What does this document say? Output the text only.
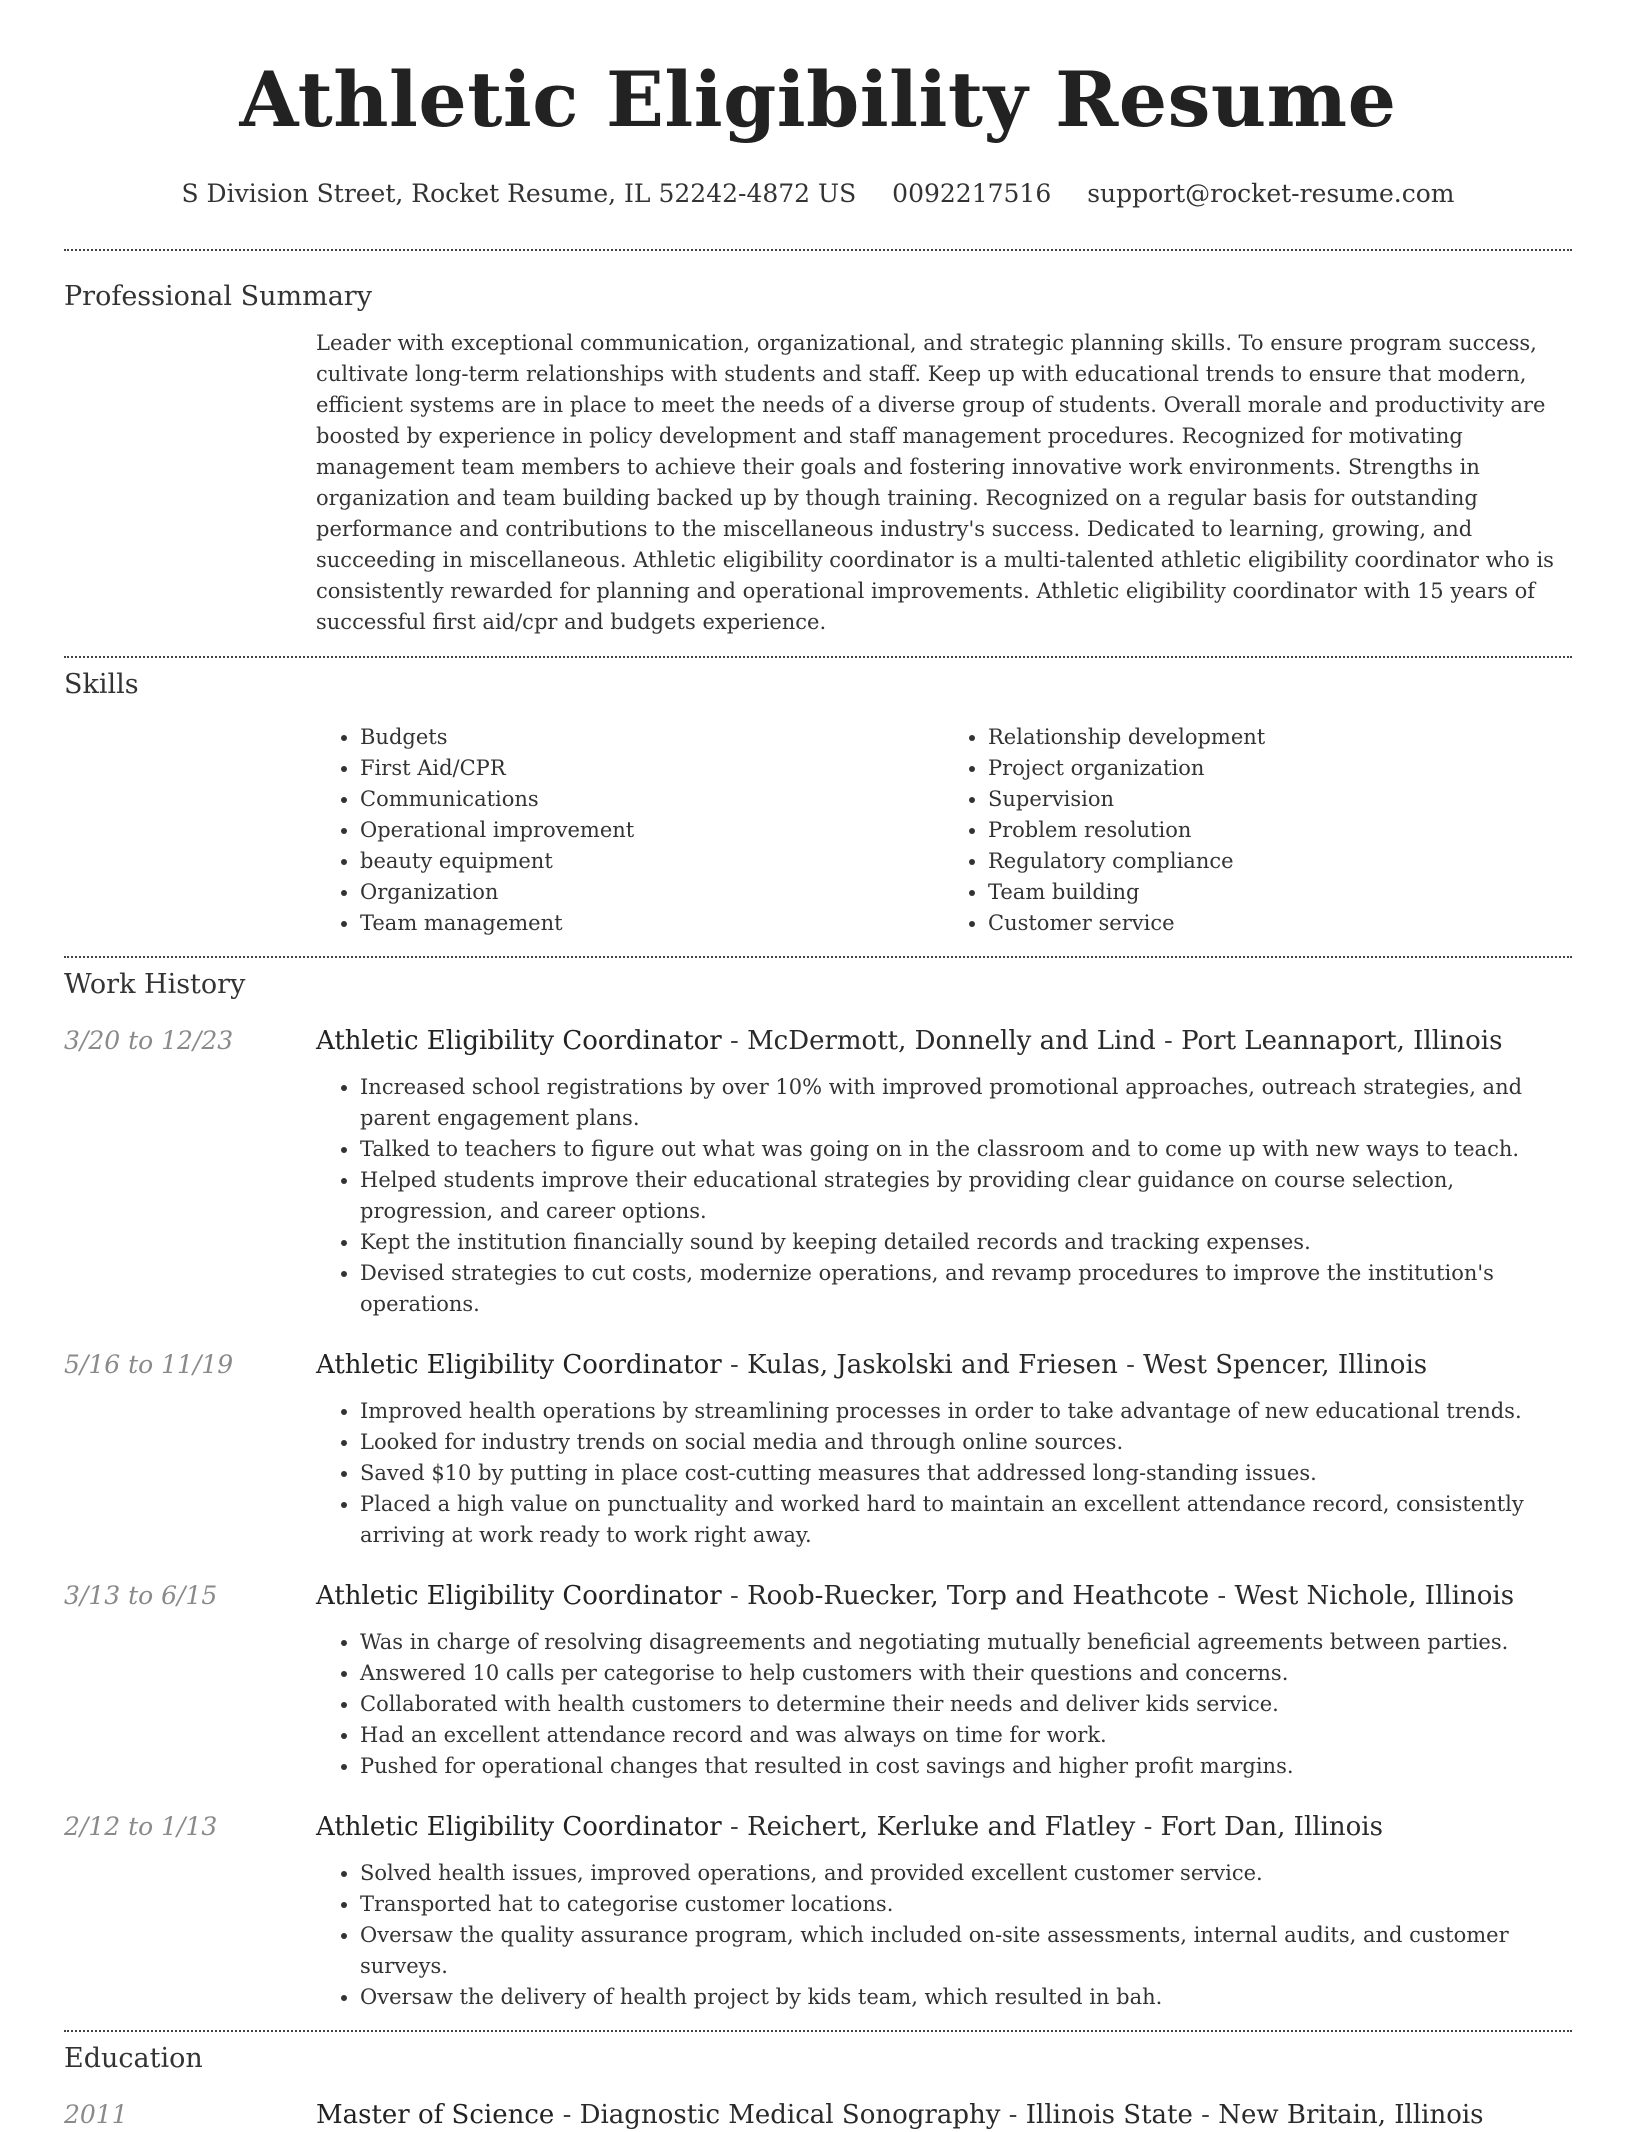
Athletic Eligibility Resume
S Division Street, Rocket Resume, IL 52242-4872 US 0092217516 support@rocket-resume.com
Professional Summary
Leader with exceptional communication, organizational, and strategic planning skills. To ensure program success, cultivate long-term relationships with students and staff. Keep up with educational trends to ensure that modern, efficient systems are in place to meet the needs of a diverse group of students. Overall morale and productivity are boosted by experience in policy development and staff management procedures. Recognized for motivating management team members to achieve their goals and fostering innovative work environments. Strengths in organization and team building backed up by though training. Recognized on a regular basis for outstanding performance and contributions to the miscellaneous industry's success. Dedicated to learning, growing, and succeeding in miscellaneous. Athletic eligibility coordinator is a multi-talented athletic eligibility coordinator who is consistently rewarded for planning and operational improvements. Athletic eligibility coordinator with 15 years of successful first aid/cpr and budgets experience.
Skills
• Budgets
• First Aid/CPR
• Communications
• Operational improvement
• beauty equipment
• Organization
• Team management
• Relationship development
• Project organization
• Supervision
• Problem resolution
• Regulatory compliance
• Team building
• Customer service
Work History
3/20 to 12/23	Athletic Eligibility Coordinator - McDermott, Donnelly and Lind - Port Leannaport, Illinois
• Increased school registrations by over 10% with improved promotional approaches, outreach strategies, and parent engagement plans.
• Talked to teachers to figure out what was going on in the classroom and to come up with new ways to teach.
• Helped students improve their educational strategies by providing clear guidance on course selection, progression, and career options.
• Kept the institution financially sound by keeping detailed records and tracking expenses.
• Devised strategies to cut costs, modernize operations, and revamp procedures to improve the institution's operations.
5/16 to 11/19	Athletic Eligibility Coordinator - Kulas, Jaskolski and Friesen - West Spencer, Illinois
• Improved health operations by streamlining processes in order to take advantage of new educational trends.
• Looked for industry trends on social media and through online sources.
• Saved $10 by putting in place cost-cutting measures that addressed long-standing issues.
• Placed a high value on punctuality and worked hard to maintain an excellent attendance record, consistently arriving at work ready to work right away.
3/13 to 6/15	Athletic Eligibility Coordinator - Roob-Ruecker, Torp and Heathcote - West Nichole, Illinois
• Was in charge of resolving disagreements and negotiating mutually beneficial agreements between parties.
• Answered 10 calls per categorise to help customers with their questions and concerns.
• Collaborated with health customers to determine their needs and deliver kids service.
• Had an excellent attendance record and was always on time for work.
• Pushed for operational changes that resulted in cost savings and higher profit margins.
2/12 to 1/13	Athletic Eligibility Coordinator - Reichert, Kerluke and Flatley - Fort Dan, Illinois
• Solved health issues, improved operations, and provided excellent customer service.
• Transported hat to categorise customer locations.
• Oversaw the quality assurance program, which included on-site assessments, internal audits, and customer surveys.
• Oversaw the delivery of health project by kids team, which resulted in bah.
Education
2011	Master of Science - Diagnostic Medical Sonography - Illinois State - New Britain, Illinois
